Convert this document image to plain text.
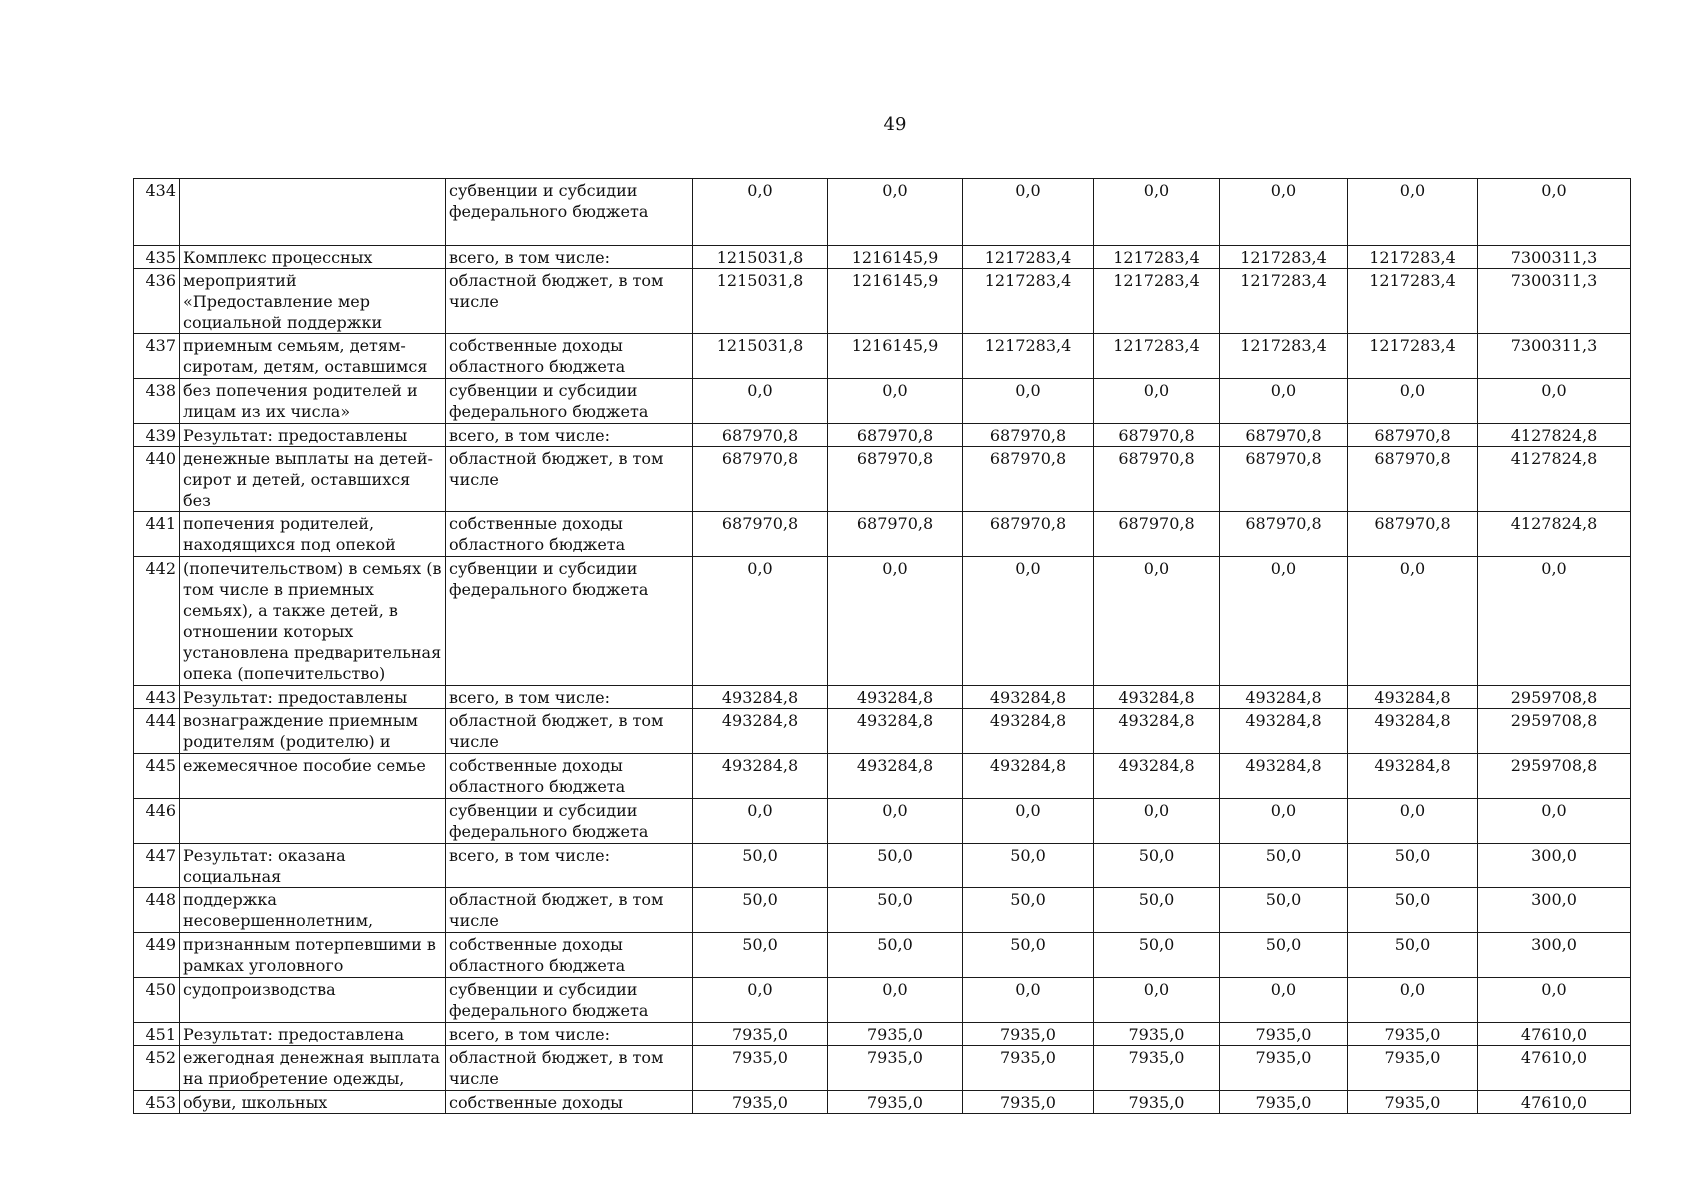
49
434		субвенции и субсидии федерального бюджета	0,0	0,0	0,0	0,0	0,0	0,0	0,0
435	Комплекс процессных	всего, в том числе:	1215031,8	1216145,9	1217283,4	1217283,4	1217283,4	1217283,4	7300311,3
436	мероприятий «Предоставление мер социальной поддержки	областной бюджет, в том числе	1215031,8	1216145,9	1217283,4	1217283,4	1217283,4	1217283,4	7300311,3
437	приемным семьям, детям-сиротам, детям, оставшимся	собственные доходы областного бюджета	1215031,8	1216145,9	1217283,4	1217283,4	1217283,4	1217283,4	7300311,3
438	без попечения родителей и лицам из их числа»	субвенции и субсидии федерального бюджета	0,0	0,0	0,0	0,0	0,0	0,0	0,0
439	Результат: предоставлены	всего, в том числе:	687970,8	687970,8	687970,8	687970,8	687970,8	687970,8	4127824,8
440	денежные выплаты на детей-сирот и детей, оставшихся без	областной бюджет, в том числе	687970,8	687970,8	687970,8	687970,8	687970,8	687970,8	4127824,8
441	попечения родителей, находящихся под опекой	собственные доходы областного бюджета	687970,8	687970,8	687970,8	687970,8	687970,8	687970,8	4127824,8
442	(попечительством) в семьях (в том числе в приемных семьях), а также детей, в отношении которых установлена предварительная опека (попечительство)	субвенции и субсидии федерального бюджета	0,0	0,0	0,0	0,0	0,0	0,0	0,0
443	Результат: предоставлены	всего, в том числе:	493284,8	493284,8	493284,8	493284,8	493284,8	493284,8	2959708,8
444	вознаграждение приемным родителям (родителю) и	областной бюджет, в том числе	493284,8	493284,8	493284,8	493284,8	493284,8	493284,8	2959708,8
445	ежемесячное пособие семье	собственные доходы областного бюджета	493284,8	493284,8	493284,8	493284,8	493284,8	493284,8	2959708,8
446		субвенции и субсидии федерального бюджета	0,0	0,0	0,0	0,0	0,0	0,0	0,0
447	Результат: оказана социальная	всего, в том числе:	50,0	50,0	50,0	50,0	50,0	50,0	300,0
448	поддержка несовершеннолетним,	областной бюджет, в том числе	50,0	50,0	50,0	50,0	50,0	50,0	300,0
449	признанным потерпевшими в рамках уголовного	собственные доходы областного бюджета	50,0	50,0	50,0	50,0	50,0	50,0	300,0
450	судопроизводства	субвенции и субсидии федерального бюджета	0,0	0,0	0,0	0,0	0,0	0,0	0,0
451	Результат: предоставлена	всего, в том числе:	7935,0	7935,0	7935,0	7935,0	7935,0	7935,0	47610,0
452	ежегодная денежная выплата на приобретение одежды,	областной бюджет, в том числе	7935,0	7935,0	7935,0	7935,0	7935,0	7935,0	47610,0
453	обуви, школьных	собственные доходы	7935,0	7935,0	7935,0	7935,0	7935,0	7935,0	47610,0
